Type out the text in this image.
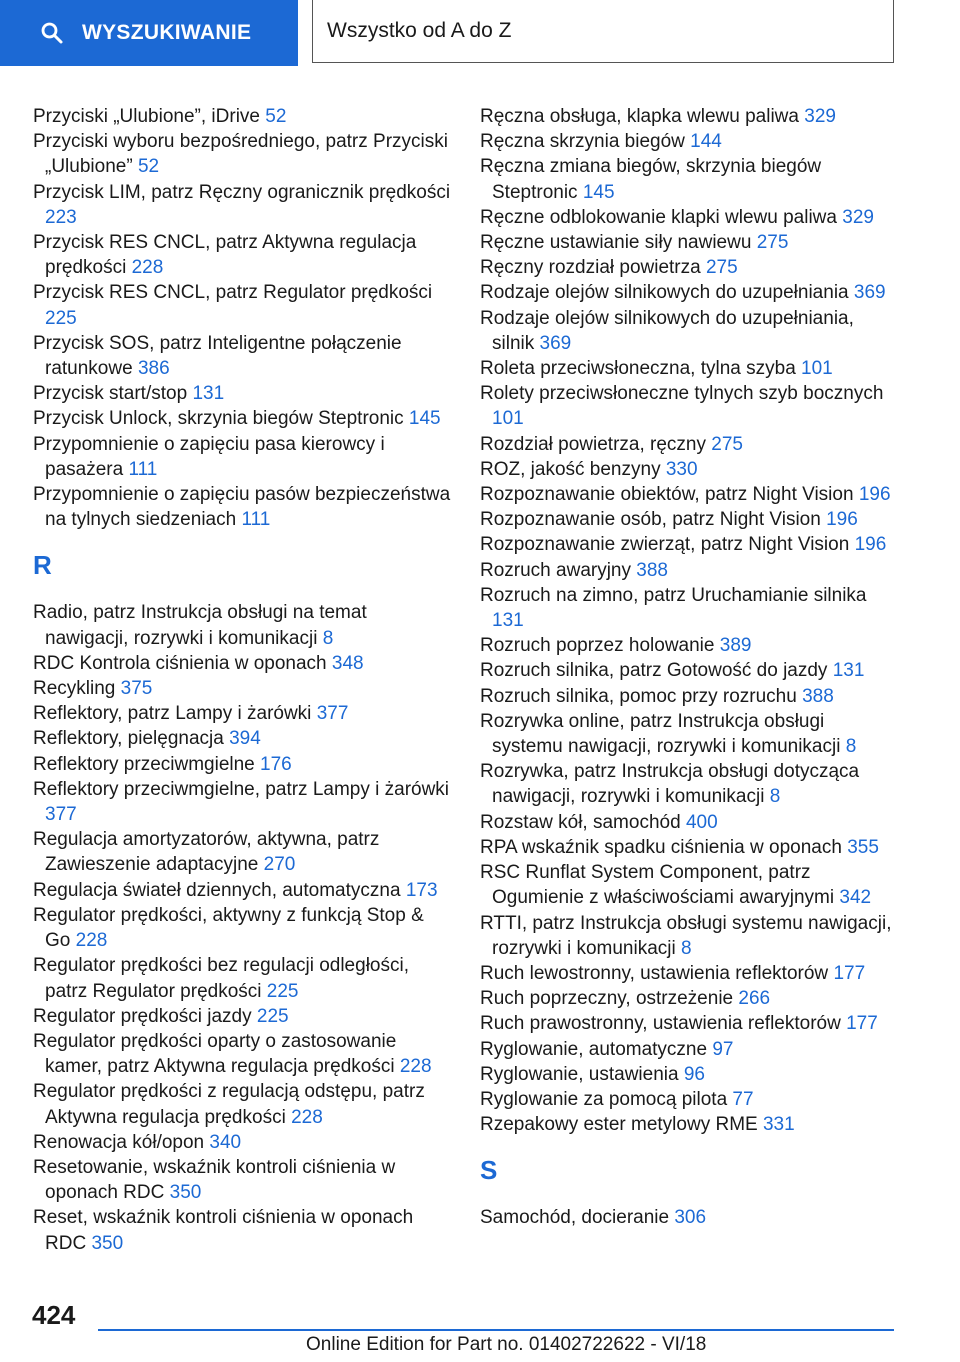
WYSZUKIWANIE	Wszystko od A do Z
Przyciski „Ulubione”, iDrive 52
Przyciski wyboru bezpośredniego, patrz Przyciski „Ulubione” 52
Przycisk LIM, patrz Ręczny ogranicznik prędkości 223
Przycisk RES CNCL, patrz Aktywna regulacja prędkości 228
Przycisk RES CNCL, patrz Regulator prędkości 225
Przycisk SOS, patrz Inteligentne połączenie ratunkowe 386
Przycisk start/stop 131
Przycisk Unlock, skrzynia biegów Steptronic 145
Przypomnienie o zapięciu pasa kierowcy i pasażera 111
Przypomnienie o zapięciu pasów bezpieczeństwa na tylnych siedzeniach 111
R
Radio, patrz Instrukcja obsługi na temat nawigacji, rozrywki i komunikacji 8
RDC Kontrola ciśnienia w oponach 348
Recykling 375
Reflektory, patrz Lampy i żarówki 377
Reflektory, pielęgnacja 394
Reflektory przeciwmgielne 176
Reflektory przeciwmgielne, patrz Lampy i żarówki 377
Regulacja amortyzatorów, aktywna, patrz Zawieszenie adaptacyjne 270
Regulacja świateł dziennych, automatyczna 173
Regulator prędkości, aktywny z funkcją Stop & Go 228
Regulator prędkości bez regulacji odległości, patrz Regulator prędkości 225
Regulator prędkości jazdy 225
Regulator prędkości oparty o zastosowanie kamer, patrz Aktywna regulacja prędkości 228
Regulator prędkości z regulacją odstępu, patrz Aktywna regulacja prędkości 228
Renowacja kół/opon 340
Resetowanie, wskaźnik kontroli ciśnienia w oponach RDC 350
Reset, wskaźnik kontroli ciśnienia w oponach RDC 350
Ręczna obsługa, klapka wlewu paliwa 329
Ręczna skrzynia biegów 144
Ręczna zmiana biegów, skrzynia biegów Steptronic 145
Ręczne odblokowanie klapki wlewu paliwa 329
Ręczne ustawianie siły nawiewu 275
Ręczny rozdział powietrza 275
Rodzaje olejów silnikowych do uzupełniania 369
Rodzaje olejów silnikowych do uzupełniania, silnik 369
Roleta przeciwsłoneczna, tylna szyba 101
Rolety przeciwsłoneczne tylnych szyb bocznych 101
Rozdział powietrza, ręczny 275
ROZ, jakość benzyny 330
Rozpoznawanie obiektów, patrz Night Vision 196
Rozpoznawanie osób, patrz Night Vision 196
Rozpoznawanie zwierząt, patrz Night Vision 196
Rozruch awaryjny 388
Rozruch na zimno, patrz Uruchamianie silnika 131
Rozruch poprzez holowanie 389
Rozruch silnika, patrz Gotowość do jazdy 131
Rozruch silnika, pomoc przy rozruchu 388
Rozrywka online, patrz Instrukcja obsługi systemu nawigacji, rozrywki i komunikacji 8
Rozrywka, patrz Instrukcja obsługi dotycząca nawigacji, rozrywki i komunikacji 8
Rozstaw kół, samochód 400
RPA wskaźnik spadku ciśnienia w oponach 355
RSC Runflat System Component, patrz Ogumienie z właściwościami awaryjnymi 342
RTTI, patrz Instrukcja obsługi systemu nawigacji, rozrywki i komunikacji 8
Ruch lewostronny, ustawienia reflektorów 177
Ruch poprzeczny, ostrzeżenie 266
Ruch prawostronny, ustawienia reflektorów 177
Ryglowanie, automatyczne 97
Ryglowanie, ustawienia 96
Ryglowanie za pomocą pilota 77
Rzepakowy ester metylowy RME 331
S
Samochód, docieranie 306
424
Online Edition for Part no. 01402722622 - VI/18
